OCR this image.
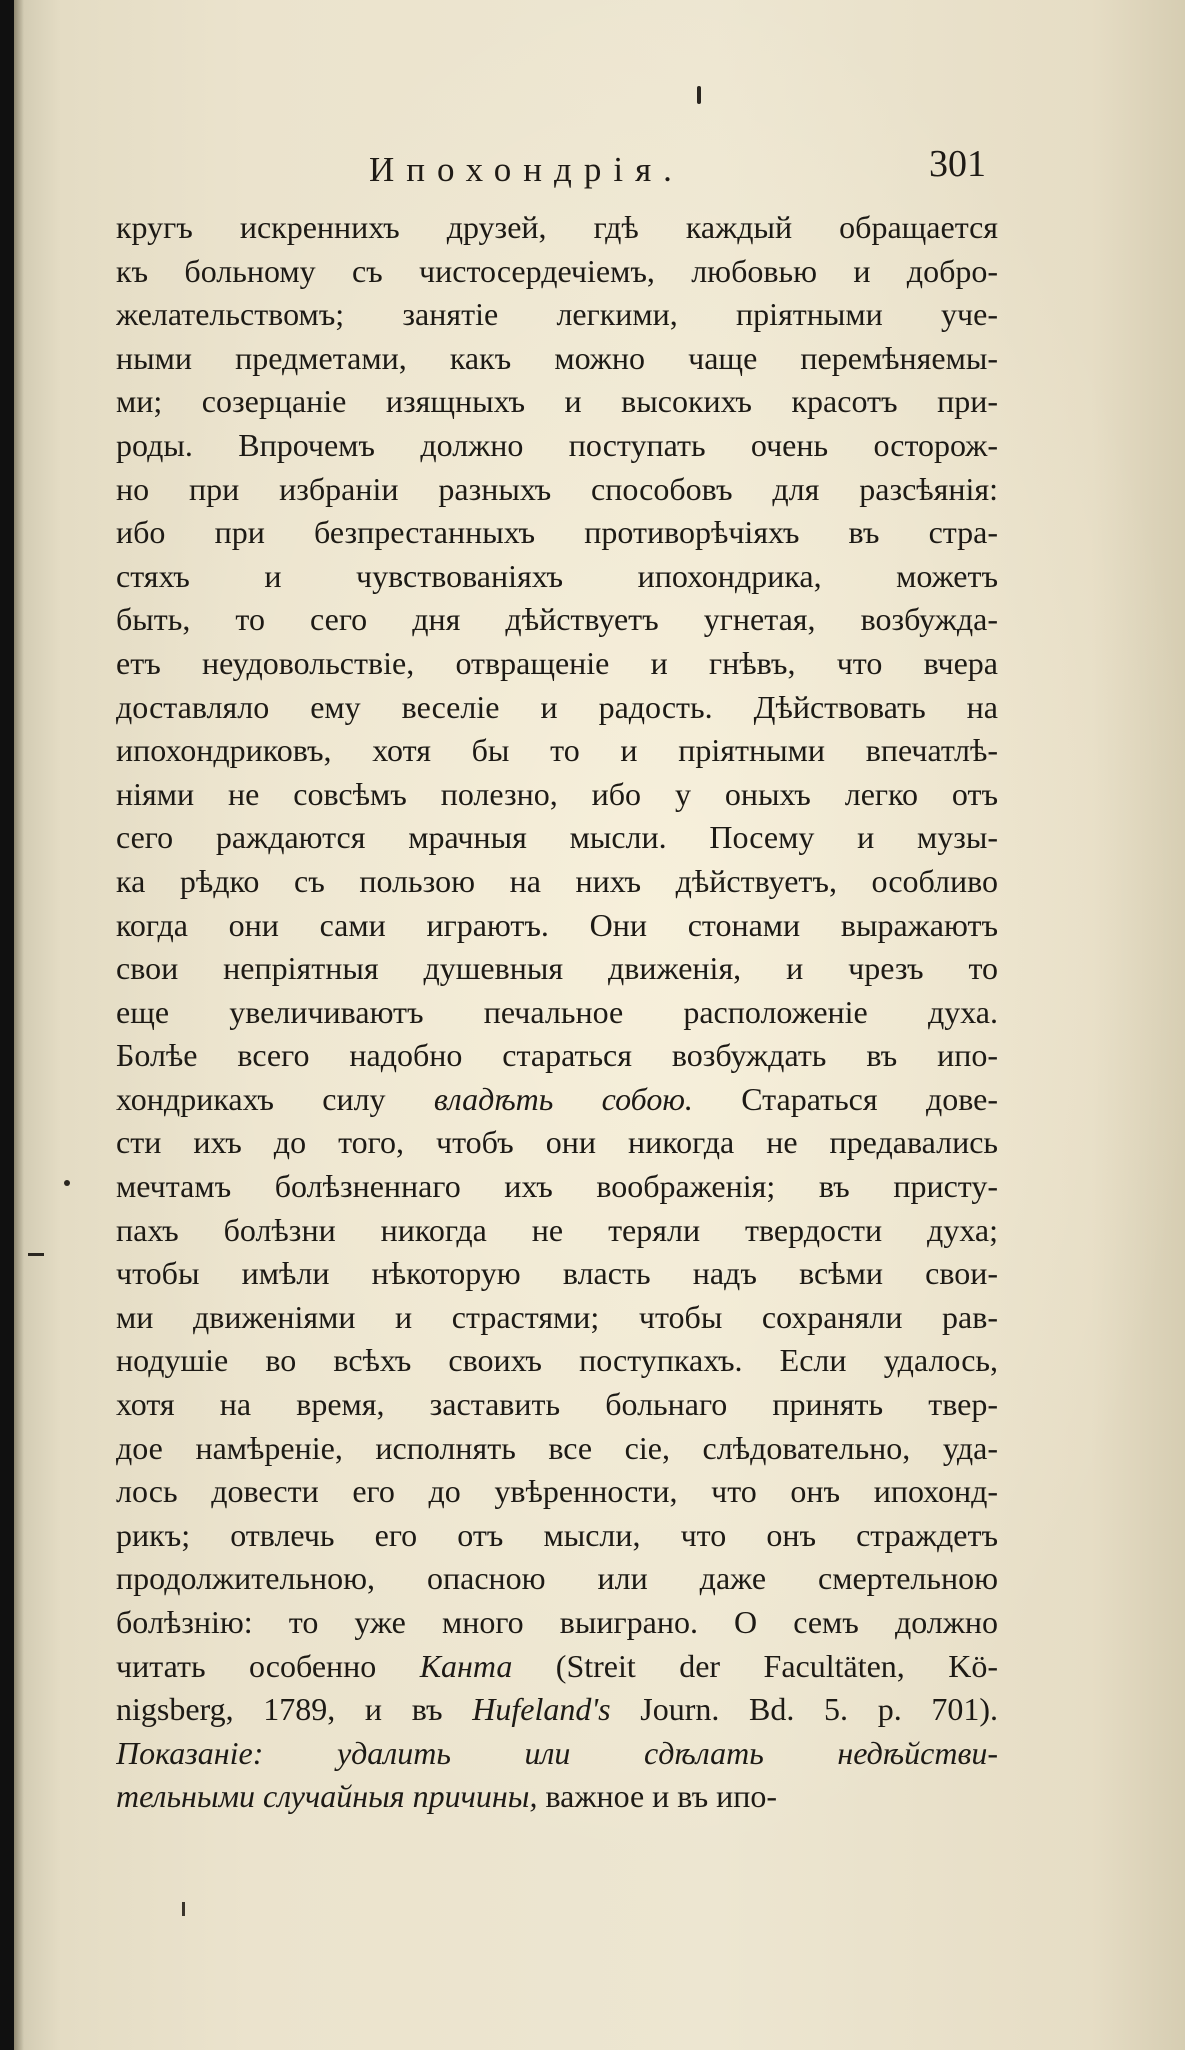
Ипохондрія.	301
кругъ искреннихъ друзей, гдѣ каждый обращается
къ больному съ чистосердечіемъ, любовью и добро-
желательствомъ; занятіе легкими, пріятными уче-
ными предметами, какъ можно чаще перемѣняемы-
ми; созерцаніе изящныхъ и высокихъ красотъ при-
роды. Впрочемъ должно поступать очень осторож-
но при избраніи разныхъ способовъ для разсѣянія:
ибо при безпрестанныхъ противорѣчіяхъ въ стра-
стяхъ и чувствованіяхъ ипохондрика, можетъ
быть, то сего дня дѣйствуетъ угнетая, возбужда-
етъ неудовольствіе, отвращеніе и гнѣвъ, что вчера
доставляло ему веселіе и радость. Дѣйствовать на
ипохондриковъ, хотя бы то и пріятными впечатлѣ-
ніями не совсѣмъ полезно, ибо у оныхъ легко отъ
сего раждаются мрачныя мысли. Посему и музы-
ка рѣдко съ пользою на нихъ дѣйствуетъ, особливо
когда они сами играютъ. Они стонами выражаютъ
свои непріятныя душевныя движенія, и чрезъ то
еще увеличиваютъ печальное расположеніе духа.
Болѣе всего надобно стараться возбуждать въ ипо-
хондрикахъ силу владѣть собою. Стараться дове-
сти ихъ до того, чтобъ они никогда не предавались
мечтамъ болѣзненнаго ихъ воображенія; въ присту-
пахъ болѣзни никогда не теряли твердости духа;
чтобы имѣли нѣкоторую власть надъ всѣми свои-
ми движеніями и страстями; чтобы сохраняли рав-
нодушіе во всѣхъ своихъ поступкахъ. Если удалось,
хотя на время, заставить больнаго принять твер-
дое намѣреніе, исполнять все сіе, слѣдовательно, уда-
лось довести его до увѣренности, что онъ ипохонд-
рикъ; отвлечь его отъ мысли, что онъ страждетъ
продолжительною, опасною или даже смертельною
болѣзнію: то уже много выиграно. О семъ должно
читать особенно Канта (Streit der Facultäten, Kö-
nigsberg, 1789, и въ Hufeland's Journ. Bd. 5. p. 701).
Показаніе: удалить или сдѣлать недѣйстви-
тельными случайныя причины, важное и въ ипо-
